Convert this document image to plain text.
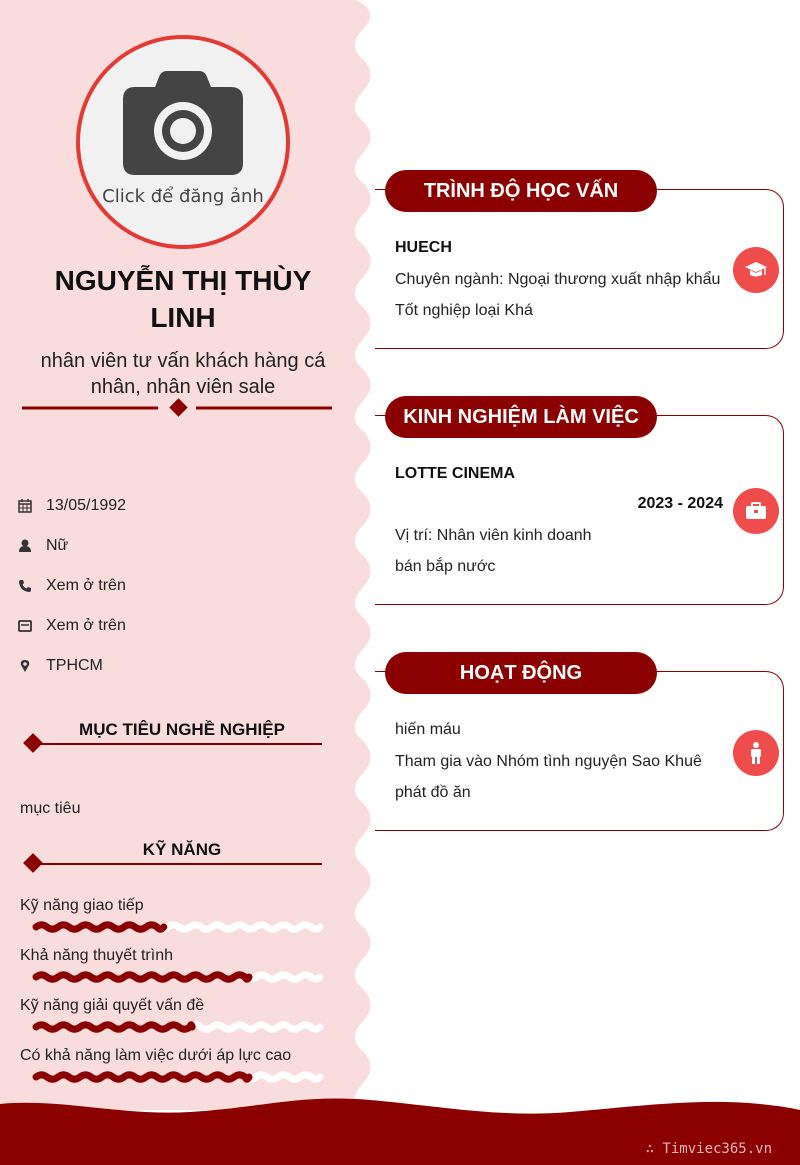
Click để đăng ảnh
NGUYỄN THỊ THÙY LINH
nhân viên tư vấn khách hàng cá nhân, nhân viên sale
13/05/1992
Nữ
Xem ở trên
Xem ở trên
TPHCM
MỤC TIÊU NGHỀ NGHIỆP
mục tiêu
KỸ NĂNG
Kỹ năng giao tiếp
Khả năng thuyết trình
Kỹ năng giải quyết vấn đề
Có khả năng làm việc dưới áp lực cao
HUECH
Chuyên ngành: Ngoại thương xuất nhập khẩu
Tốt nghiệp loại Khá
TRÌNH ĐỘ HỌC VẤN
LOTTE CINEMA
2023 - 2024
Vị trí: Nhân viên kinh doanh
bán bắp nước
KINH NGHIỆM LÀM VIỆC
hiến máu
Tham gia vào Nhóm tình nguyện Sao Khuê
phát đồ ăn
HOẠT ĐỘNG
∴ Timviec365.vn
